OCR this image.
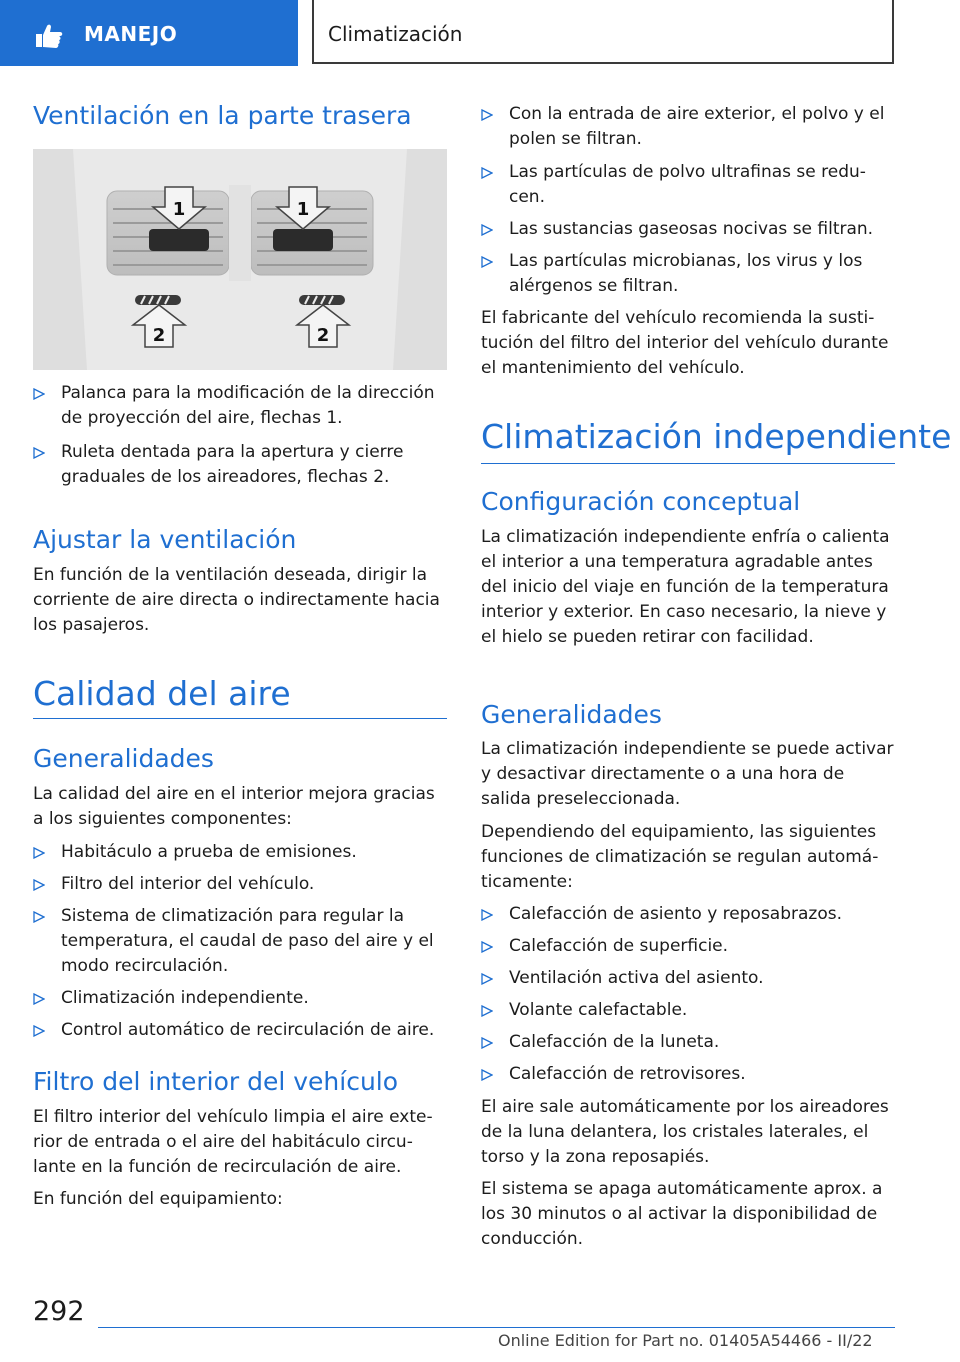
MANEJO	Climatización
Ventilación en la parte trasera
1	1
2	2
Palanca para la modificación de la dirección de proyección del aire, flechas 1.
Ruleta dentada para la apertura y cierre graduales de los aireadores, flechas 2.
Ajustar la ventilación

En función de la ventilación deseada, dirigir la corriente de aire directa o indirectamente hacia los pasajeros.

Calidad del aire
Generalidades

La calidad del aire en el interior mejora gracias a los siguientes componentes:

Habitáculo a prueba de emisiones.
Filtro del interior del vehículo.
Sistema de climatización para regular la temperatura, el caudal de paso del aire y el modo recirculación.
Climatización independiente.
Control automático de recirculación de aire.
Filtro del interior del vehículo

El filtro interior del vehículo limpia el aire exterior de entrada o el aire del habitáculo circulante en la función de recirculación de aire.

En función del equipamiento:

Con la entrada de aire exterior, el polvo y el polen se filtran.
Las partículas de polvo ultrafinas se reducen.
Las sustancias gaseosas nocivas se filtran.
Las partículas microbianas, los virus y los alérgenos se filtran.

El fabricante del vehículo recomienda la sustitución del filtro del interior del vehículo durante el mantenimiento del vehículo.

Climatización independiente
Configuración conceptual

La climatización independiente enfría o calienta el interior a una temperatura agradable antes del inicio del viaje en función de la temperatura interior y exterior. En caso necesario, la nieve y el hielo se pueden retirar con facilidad.

Generalidades

La climatización independiente se puede activar y desactivar directamente o a una hora de salida preseleccionada.

Dependiendo del equipamiento, las siguientes funciones de climatización se regulan automáticamente:

Calefacción de asiento y reposabrazos.
Calefacción de superficie.
Ventilación activa del asiento.
Volante calefactable.
Calefacción de la luneta.
Calefacción de retrovisores.

El aire sale automáticamente por los aireadores de la luna delantera, los cristales laterales, el torso y la zona reposapiés.

El sistema se apaga automáticamente aprox. a los 30 minutos o al activar la disponibilidad de conducción.

292
Online Edition for Part no. 01405A54466 - II/22
